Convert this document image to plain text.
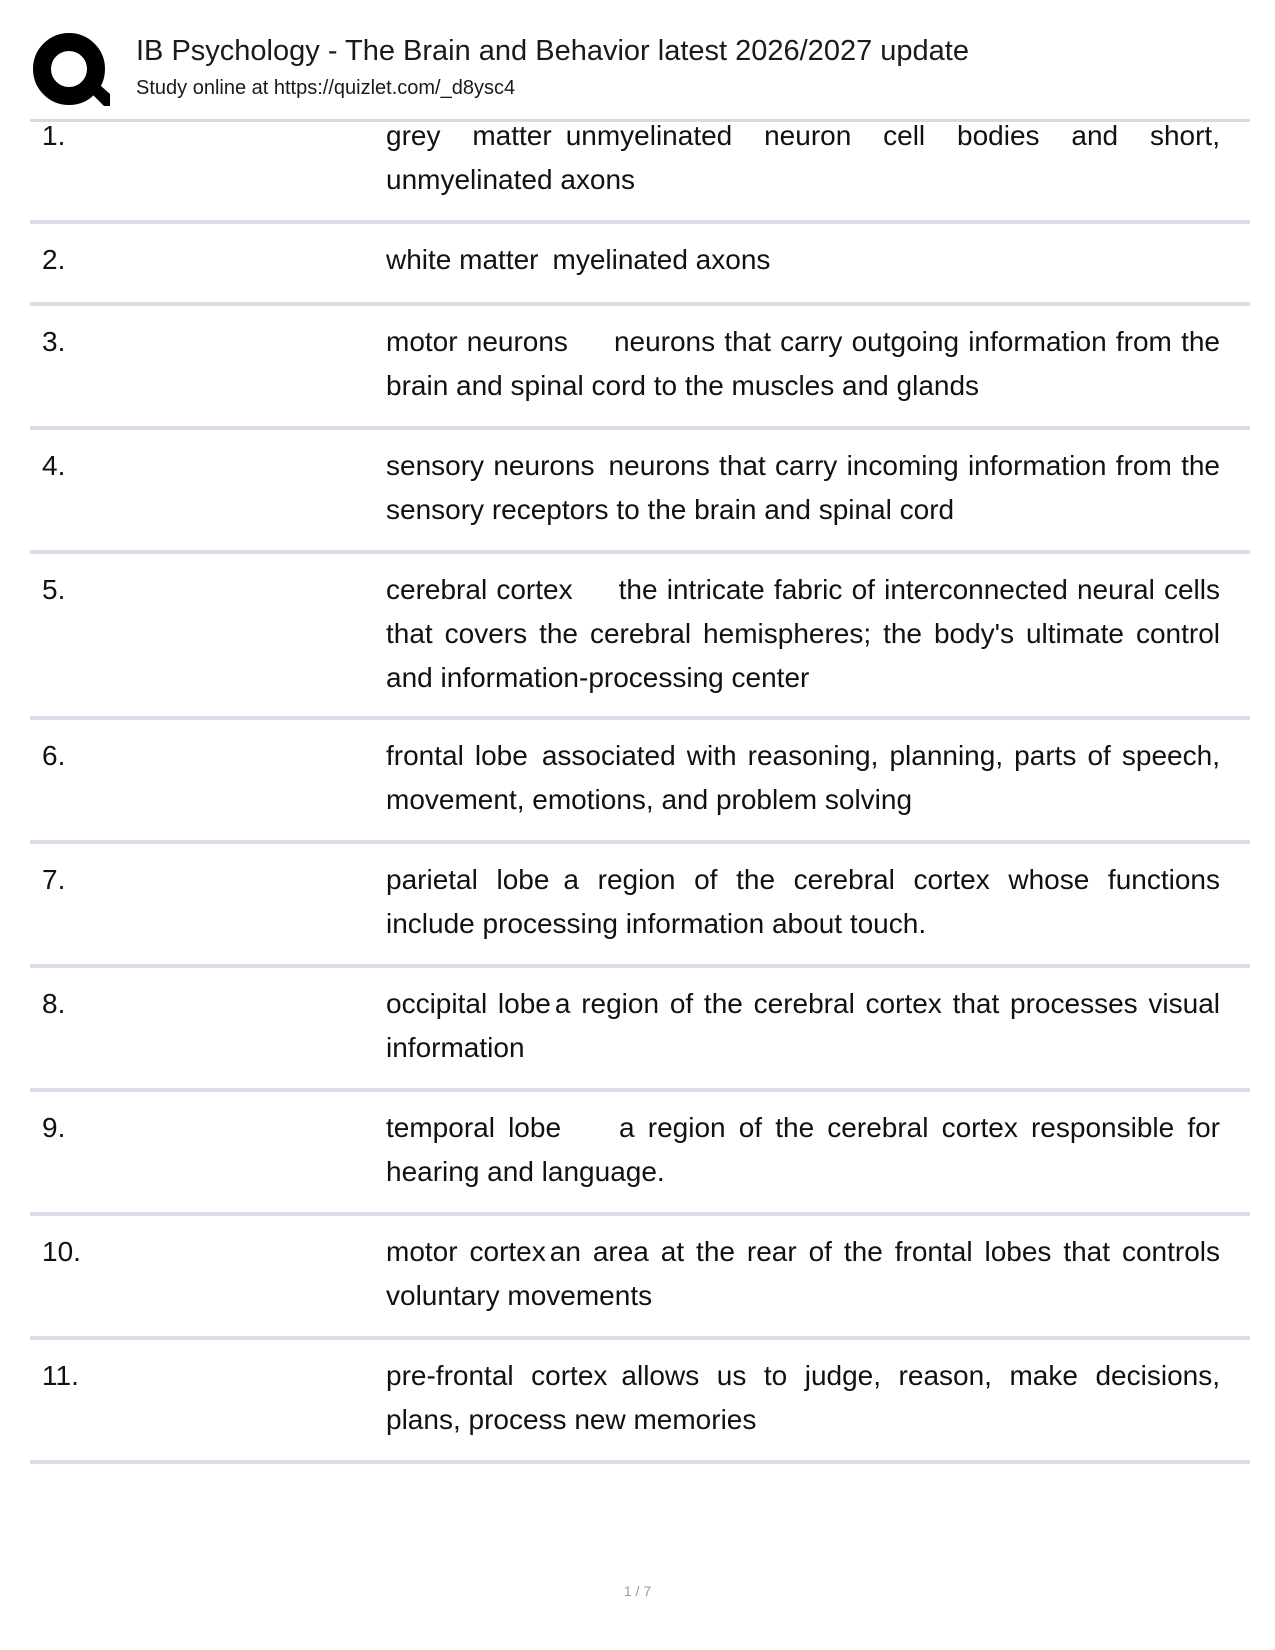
IB Psychology - The Brain and Behavior latest 2026/2027 update
Study online at https://quizlet.com/_d8ysc4
1.	grey matter unmyelinated neuron cell bodies and short, unmyelinated axons
2.	white matter myelinated axons
3.	motor neurons neurons that carry outgoing information from the brain and spinal cord to the muscles and glands
4.	sensory neurons neurons that carry incoming information from the sensory receptors to the brain and spinal cord
5.	cerebral cortex the intricate fabric of interconnected neural cells that covers the cerebral hemispheres; the body's ultimate control and information-processing center
6.	frontal lobe associated with reasoning, planning, parts of speech, movement, emotions, and problem solving
7.	parietal lobe a region of the cerebral cortex whose functions include processing information about touch.
8.	occipital lobe a region of the cerebral cortex that processes visual information
9.	temporal lobe a region of the cerebral cortex responsible for hearing and language.
10.	motor cortex an area at the rear of the frontal lobes that controls voluntary movements
11.	pre-frontal cortex allows us to judge, reason, make decisions, plans, process new memories
1 / 7
